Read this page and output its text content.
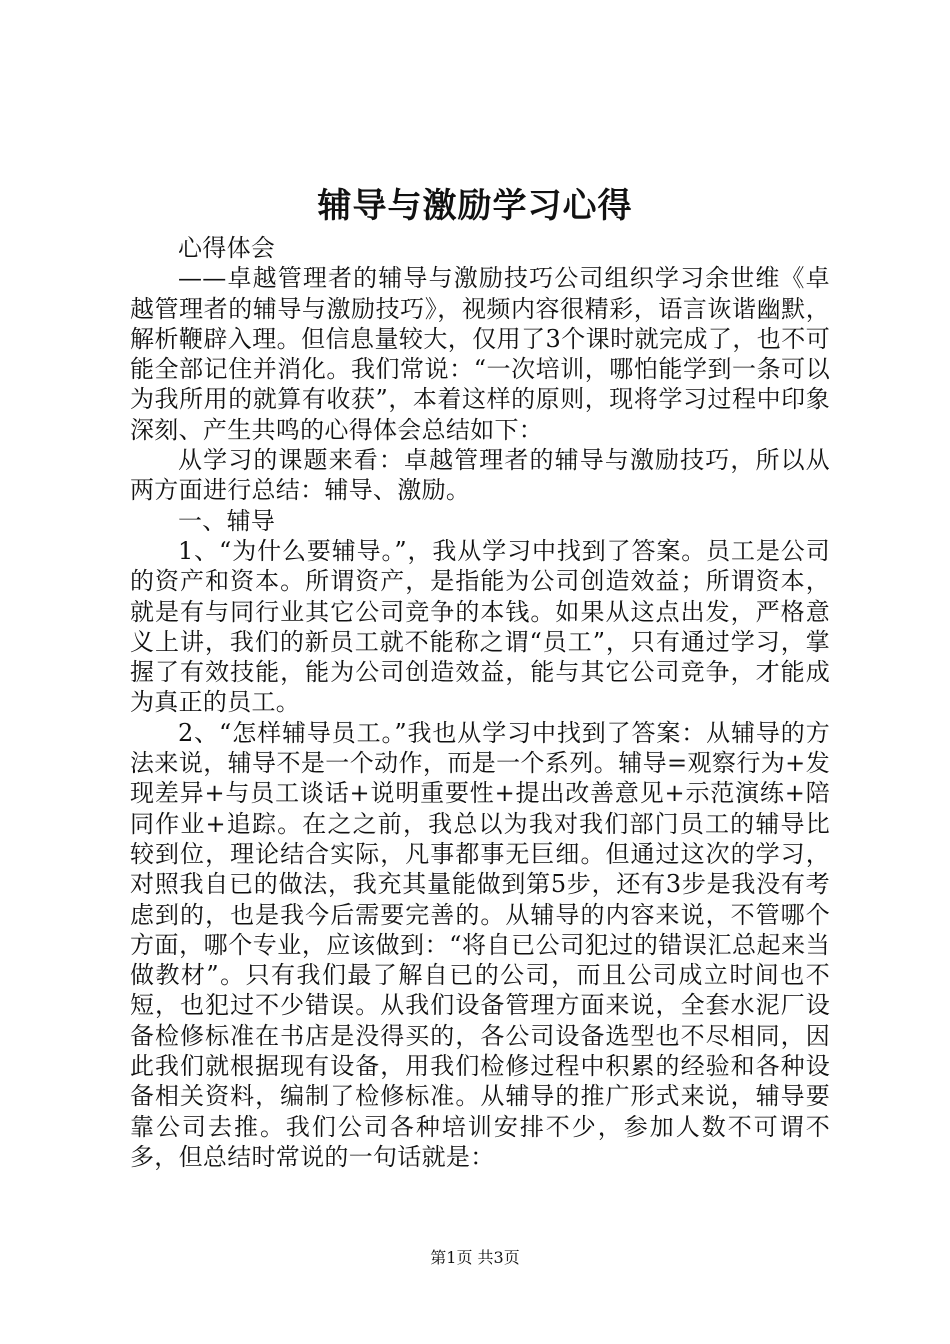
辅导与激励学习心得

心得体会

——卓越管理者的辅导与激励技巧公司组织学习余世维《卓越管理者的辅导与激励技巧》，视频内容很精彩，语言诙谐幽默，解析鞭辟入理。但信息量较大，仅用了3个课时就完成了，也不可能全部记住并消化。我们常说：“一次培训，哪怕能学到一条可以为我所用的就算有收获”，本着这样的原则，现将学习过程中印象深刻、产生共鸣的心得体会总结如下：

从学习的课题来看：卓越管理者的辅导与激励技巧，所以从两方面进行总结：辅导、激励。

一、辅导

1、“为什么要辅导。”，我从学习中找到了答案。员工是公司的资产和资本。所谓资产，是指能为公司创造效益；所谓资本，就是有与同行业其它公司竞争的本钱。如果从这点出发，严格意义上讲，我们的新员工就不能称之谓“员工”，只有通过学习，掌握了有效技能，能为公司创造效益，能与其它公司竞争，才能成为真正的员工。

2、“怎样辅导员工。”我也从学习中找到了答案：从辅导的方法来说，辅导不是一个动作，而是一个系列。辅导=观察行为+发现差异+与员工谈话+说明重要性+提出改善意见+示范演练+陪同作业+追踪。在之之前，我总以为我对我们部门员工的辅导比较到位，理论结合实际，凡事都事无巨细。但通过这次的学习，对照我自已的做法，我充其量能做到第5步，还有3步是我没有考虑到的，也是我今后需要完善的。从辅导的内容来说，不管哪个方面，哪个专业，应该做到：“将自已公司犯过的错误汇总起来当做教材”。只有我们最了解自已的公司，而且公司成立时间也不短，也犯过不少错误。从我们设备管理方面来说，全套水泥厂设备检修标准在书店是没得买的，各公司设备选型也不尽相同，因此我们就根据现有设备，用我们检修过程中积累的经验和各种设备相关资料，编制了检修标准。从辅导的推广形式来说，辅导要靠公司去推。我们公司各种培训安排不少，参加人数不可谓不多，但总结时常说的一句话就是：

第1页 共3页
